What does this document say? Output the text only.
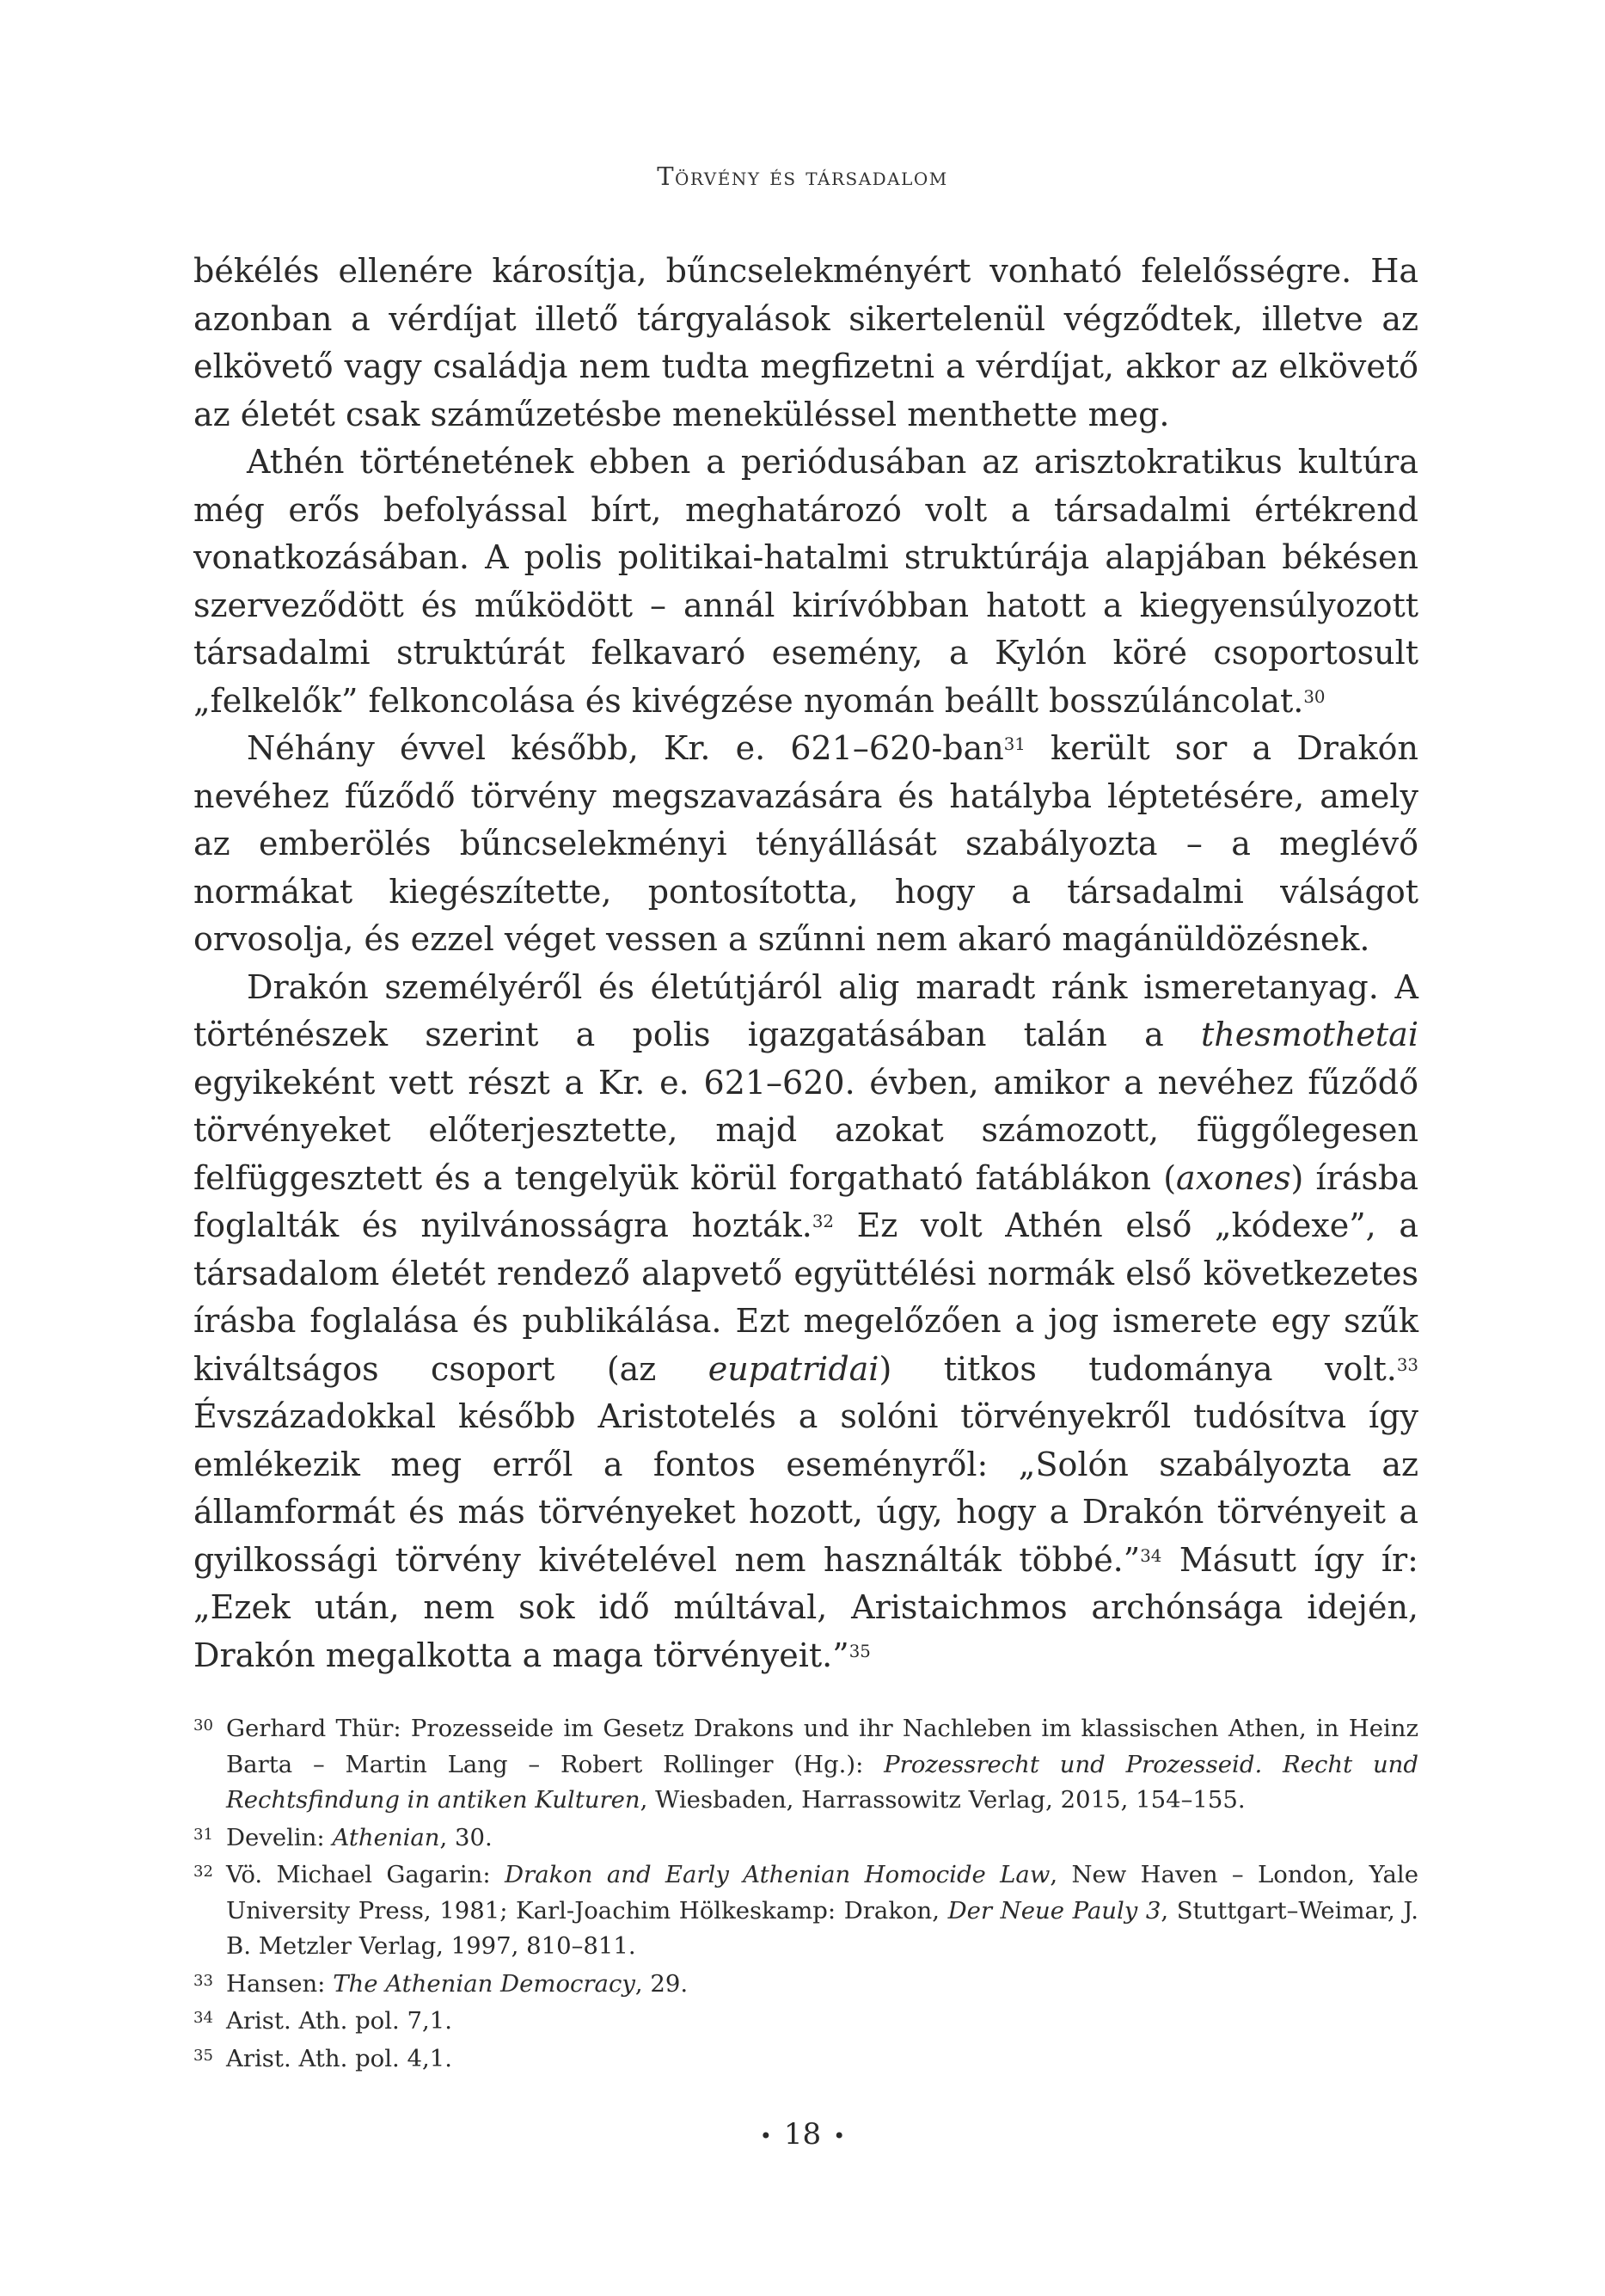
Törvény és társadalom

békélés ellenére károsítja, bűncselekményért vonható felelősségre. Ha azonban a vérdíjat illető tárgyalások sikertelenül végződtek, illetve az elkövető vagy családja nem tudta megfizetni a vérdíjat, akkor az elkövető az életét csak száműzetésbe meneküléssel menthette meg.

Athén történetének ebben a periódusában az arisztokratikus kultúra még erős befolyással bírt, meghatározó volt a társadalmi értékrend vonatkozásában. A polis politikai-hatalmi struktúrája alapjában békésen szerveződött és működött – annál kirívóbban hatott a kiegyensúlyozott társadalmi struktúrát felkavaró esemény, a Kylón köré csoportosult „felkelők” felkoncolása és kivégzése nyomán beállt bosszúláncolat.$^{30}$

Néhány évvel később, Kr. e. 621–620-ban$^{31}$ került sor a Drakón nevéhez fűződő törvény megszavazására és hatályba léptetésére, amely az emberölés bűncselekményi tényállását szabályozta – a meglévő normákat kiegészítette, pontosította, hogy a társadalmi válságot orvosolja, és ezzel véget vessen a szűnni nem akaró magánüldözésnek.

Drakón személyéről és életútjáról alig maradt ránk ismeretanyag. A történészek szerint a polis igazgatásában talán a thesmothetai egyikeként vett részt a Kr. e. 621–620. évben, amikor a nevéhez fűződő törvényeket előterjesztette, majd azokat számozott, függőlegesen felfüggesztett és a tengelyük körül forgatható fatáblákon (axones) írásba foglalták és nyilvánosságra hozták.$^{32}$ Ez volt Athén első „kódexe”, a társadalom életét rendező alapvető együttélési normák első következetes írásba foglalása és publikálása. Ezt megelőzően a jog ismerete egy szűk kiváltságos csoport (az eupatridai) titkos tudománya volt.$^{33}$ Évszázadokkal később Aristotelés a solóni törvényekről tudósítva így emlékezik meg erről a fontos eseményről: „Solón szabályozta az államformát és más törvényeket hozott, úgy, hogy a Drakón törvényeit a gyilkossági törvény kivételével nem használták többé.”$^{34}$ Másutt így ír: „Ezek után, nem sok idő múltával, Aristaichmos archónsága idején, Drakón megalkotta a maga törvényeit.”$^{35}$

30 Gerhard Thür: Prozesseide im Gesetz Drakons und ihr Nachleben im klassischen Athen, in Heinz Barta – Martin Lang – Robert Rollinger (Hg.): Prozessrecht und Prozesseid. Recht und Rechtsfindung in antiken Kulturen, Wiesbaden, Harrassowitz Verlag, 2015, 154–155.

31 Develin: Athenian, 30.

32 Vö. Michael Gagarin: Drakon and Early Athenian Homocide Law, New Haven – London, Yale University Press, 1981; Karl-Joachim Hölkeskamp: Drakon, Der Neue Pauly 3, Stuttgart–Weimar, J. B. Metzler Verlag, 1997, 810–811.

33 Hansen: The Athenian Democracy, 29.

34 Arist. Ath. pol. 7,1.

35 Arist. Ath. pol. 4,1.

• 18 •
